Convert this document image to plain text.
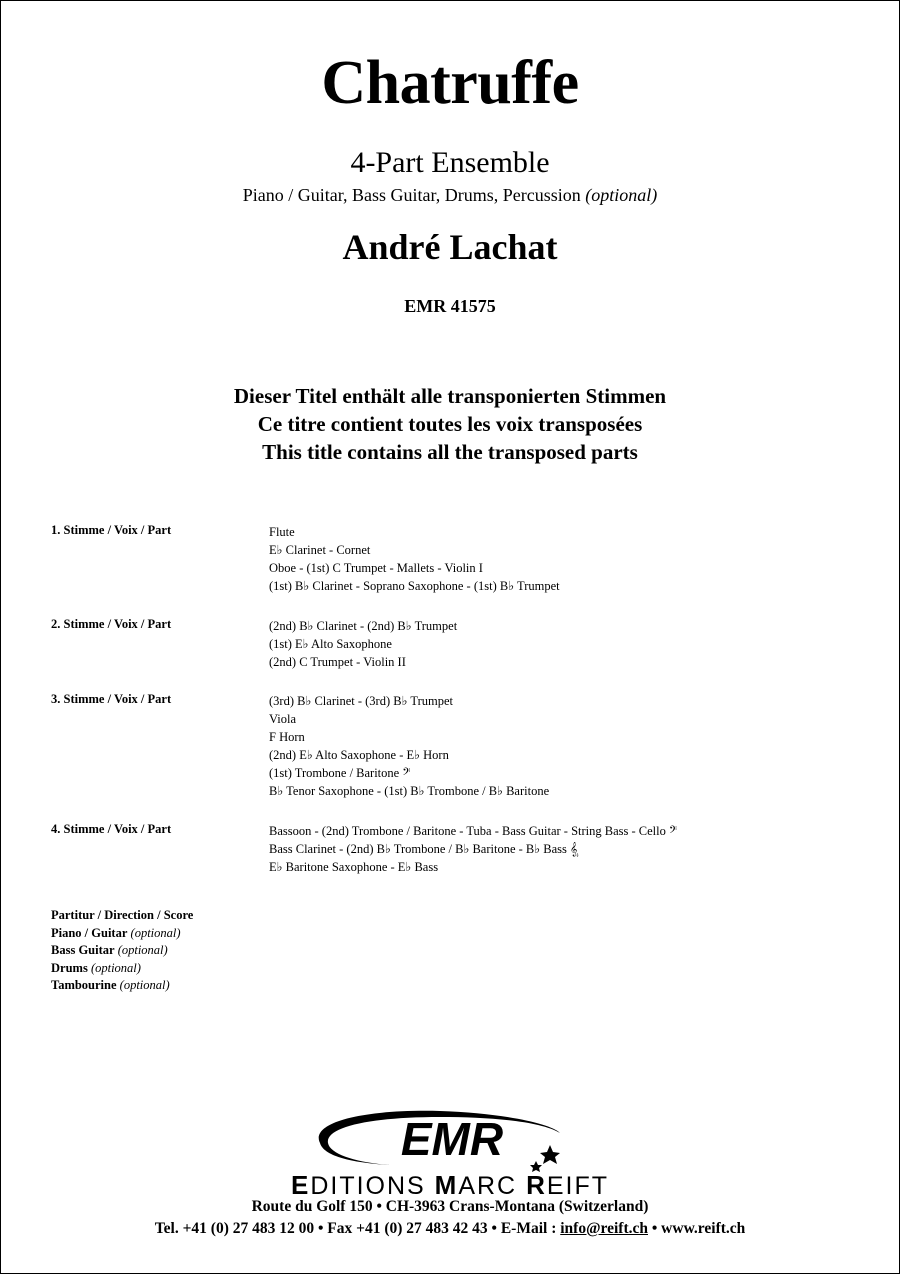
Chatruffe
4-Part Ensemble
Piano / Guitar, Bass Guitar, Drums, Percussion (optional)
André Lachat
EMR 41575
Dieser Titel enthält alle transponierten Stimmen
Ce titre contient toutes les voix transposées
This title contains all the transposed parts
1. Stimme / Voix / Part	Flute
E♭ Clarinet - Cornet
Oboe - (1st) C Trumpet - Mallets - Violin I
(1st) B♭ Clarinet - Soprano Saxophone - (1st) B♭ Trumpet
2. Stimme / Voix / Part	(2nd) B♭ Clarinet - (2nd) B♭ Trumpet
(1st) E♭ Alto Saxophone
(2nd) C Trumpet - Violin II
3. Stimme / Voix / Part	(3rd) B♭ Clarinet - (3rd) B♭ Trumpet
Viola
F Horn
(2nd) E♭ Alto Saxophone - E♭ Horn
(1st) Trombone / Baritone 𝄢
B♭ Tenor Saxophone - (1st) B♭ Trombone / B♭ Baritone
4. Stimme / Voix / Part	Bassoon - (2nd) Trombone / Baritone - Tuba - Bass Guitar - String Bass - Cello 𝄢
Bass Clarinet - (2nd) B♭ Trombone / B♭ Baritone - B♭ Bass 𝄠
E♭ Baritone Saxophone - E♭ Bass
Partitur / Direction / Score
Piano / Guitar (optional)
Bass Guitar (optional)
Drums (optional)
Tambourine (optional)
EMR
EDITIONS MARC REIFT
Route du Golf 150 • CH-3963 Crans-Montana (Switzerland)
Tel. +41 (0) 27 483 12 00 • Fax +41 (0) 27 483 42 43 • E-Mail : info@reift.ch • www.reift.ch
